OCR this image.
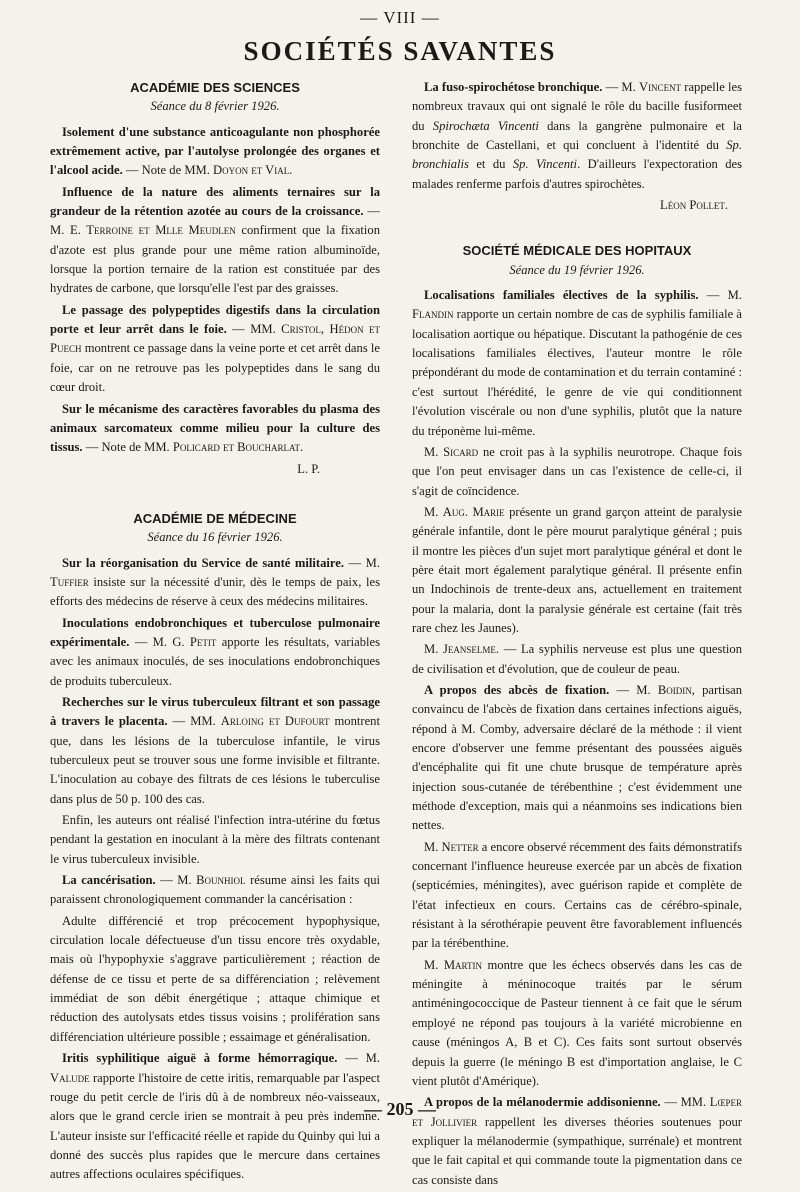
— VIII —
SOCIÉTÉS SAVANTES
ACADÉMIE DES SCIENCES
Séance du 8 février 1926.

Isolement d'une substance anticoagulante non phosphorée extrêmement active, par l'autolyse prolongée des organes et l'alcool acide. — Note de MM. Doyon et Vial.

Influence de la nature des aliments ternaires sur la grandeur de la rétention azotée au cours de la croissance. — M. E. Terroine et Mlle Meudlen confirment que la fixation d'azote est plus grande pour une même ration albuminoïde, lorsque la portion ternaire de la ration est constituée par des hydrates de carbone, que lorsqu'elle l'est par des graisses.

Le passage des polypeptides digestifs dans la circulation porte et leur arrêt dans le foie. — MM. Cristol, Hédon et Puech montrent ce passage dans la veine porte et cet arrêt dans le foie, car on ne retrouve pas les polypeptides dans le sang du cœur droit.

Sur le mécanisme des caractères favorables du plasma des animaux sarcomateux comme milieu pour la culture des tissus. — Note de MM. Policard et Boucharlat.

L. P.

ACADÉMIE DE MÉDECINE
Séance du 16 février 1926.

Sur la réorganisation du Service de santé militaire. — M. Tuffier insiste sur la nécessité d'unir, dès le temps de paix, les efforts des médecins de réserve à ceux des médecins militaires.

Inoculations endobronchiques et tuberculose pulmonaire expérimentale. — M. G. Petit apporte les résultats, variables avec les animaux inoculés, de ses inoculations endobronchiques de produits tuberculeux.

Recherches sur le virus tuberculeux filtrant et son passage à travers le placenta. — MM. Arloing et Dufourt montrent que, dans les lésions de la tuberculose infantile, le virus tuberculeux peut se trouver sous une forme invisible et filtrante. L'inoculation au cobaye des filtrats de ces lésions le tuberculise dans plus de 50 p. 100 des cas.

Enfin, les auteurs ont réalisé l'infection intra-utérine du fœtus pendant la gestation en inoculant à la mère des filtrats contenant le virus tuberculeux invisible.

La cancérisation. — M. Bounhiol résume ainsi les faits qui paraissent chronologiquement commander la cancérisation :

Adulte différencié et trop précocement hypophysique, circulation locale défectueuse d'un tissu encore très oxydable, mais où l'hypophyxie s'aggrave particulièrement ; réaction de défense de ce tissu et perte de sa différenciation ; relèvement immédiat de son débit énergétique ; attaque chimique et réduction des autolysats etdes tissus voisins ; prolifération sans différenciation ultérieure possible ; essaimage et généralisation.

Iritis syphilitique aiguë à forme hémorragique. — M. Valude rapporte l'histoire de cette iritis, remarquable par l'aspect rouge du petit cercle de l'iris dû à de nombreux néo-vaisseaux, alors que le grand cercle irien se montrait à peu près indemne. L'auteur insiste sur l'efficacité réelle et rapide du Quinby qui lui a donné des succès plus rapides que le mercure dans certaines autres affections oculaires spécifiques.

La fuso-spirochétose bronchique. — M. Vincent rappelle les nombreux travaux qui ont signalé le rôle du bacille fusiformeet du Spirochæta Vincenti dans la gangrène pulmonaire et la bronchite de Castellani, et qui concluent à l'identité du Sp. bronchialis et du Sp. Vincenti. D'ailleurs l'expectoration des malades renferme parfois d'autres spirochètes.

Léon Pollet.

SOCIÉTÉ MÉDICALE DES HOPITAUX
Séance du 19 février 1926.

Localisations familiales électives de la syphilis. — M. Flandin rapporte un certain nombre de cas de syphilis familiale à localisation aortique ou hépatique. Discutant la pathogénie de ces localisations familiales électives, l'auteur montre le rôle prépondérant du mode de contamination et du terrain contaminé : c'est surtout l'hérédité, le genre de vie qui conditionnent l'évolution viscérale ou non d'une syphilis, plutôt que la nature du tréponème lui-même.

M. Sicard ne croit pas à la syphilis neurotrope. Chaque fois que l'on peut envisager dans un cas l'existence de celle-ci, il s'agit de coïncidence.

M. Aug. Marie présente un grand garçon atteint de paralysie générale infantile, dont le père mourut paralytique général ; puis il montre les pièces d'un sujet mort paralytique général et dont le père était mort également paralytique général. Il présente enfin un Indochinois de trente-deux ans, actuellement en traitement pour la malaria, dont la paralysie générale est certaine (fait très rare chez les Jaunes).

M. Jeanselme. — La syphilis nerveuse est plus une question de civilisation et d'évolution, que de couleur de peau.

A propos des abcès de fixation. — M. Boidin, partisan convaincu de l'abcès de fixation dans certaines infections aiguës, répond à M. Comby, adversaire déclaré de la méthode : il vient encore d'observer une femme présentant des poussées aiguës d'encéphalite qui fit une chute brusque de température après injection sous-cutanée de térébenthine ; c'est évidemment une méthode d'exception, mais qui a néanmoins ses indications bien nettes.

M. Netter a encore observé récemment des faits démonstratifs concernant l'influence heureuse exercée par un abcès de fixation (septicémies, méningites), avec guérison rapide et complète de l'état infectieux en cours. Certains cas de cérébro-spinale, résistant à la sérothérapie peuvent être favorablement influencés par la térébenthine.

M. Martin montre que les échecs observés dans les cas de méningite à méninocoque traités par le sérum antiméningococcique de Pasteur tiennent à ce fait que le sérum employé ne répond pas toujours à la variété microbienne en cause (méningos A, B et C). Ces faits sont surtout observés depuis la guerre (le méningo B est d'importation anglaise, le C vient plutôt d'Amérique).

A propos de la mélanodermie addisonienne. — MM. Lœper et Jollivier rappellent les diverses théories soutenues pour expliquer la mélanodermie (sympathique, surrénale) et montrent que le fait capital et qui commande toute la pigmentation dans ce cas consiste dans

— 205 —
